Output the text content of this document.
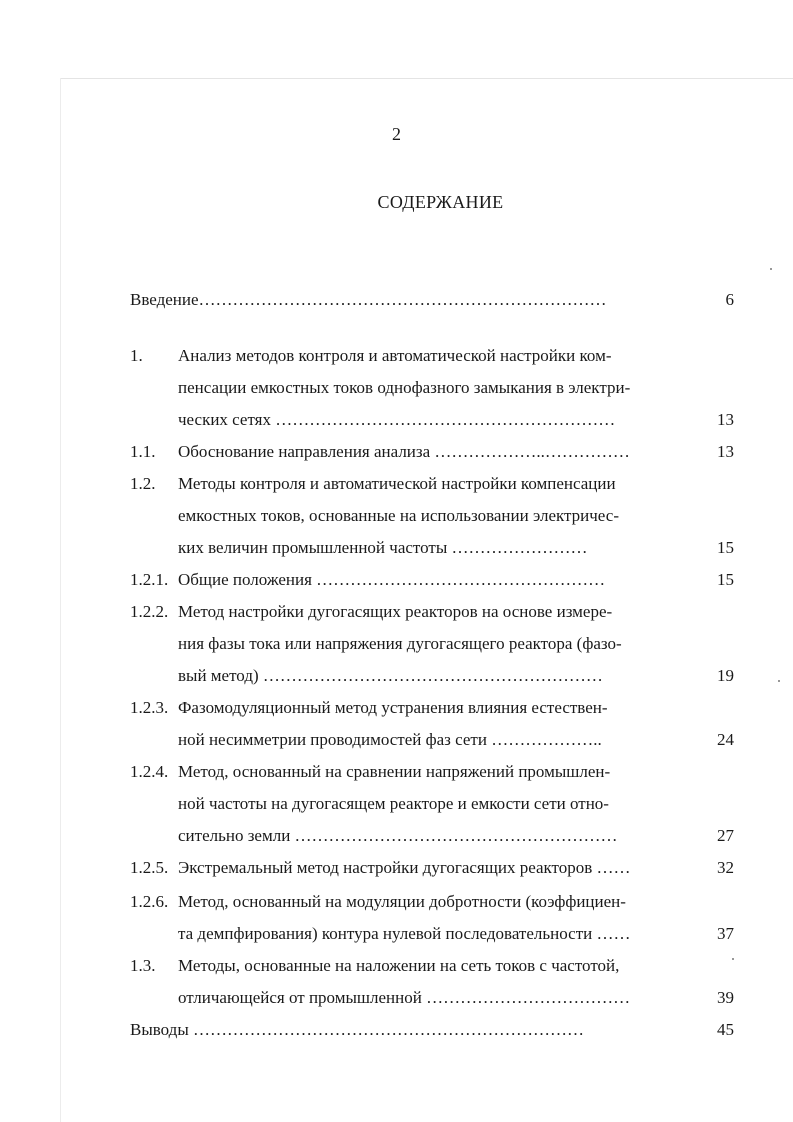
2
СОДЕРЖАНИЕ
Введение………………………………………………………………	6
1. Анализ методов контроля и автоматической настройки ком-
пенсации емкостных токов однофазного замыкания в электри-
ческих сетях ……………………………………………………	13
1.1. Обоснование направления анализа ………………..……………	13
1.2. Методы контроля и автоматической настройки компенсации
емкостных токов, основанные на использовании электричес-
ких величин промышленной частоты ……………………	15
1.2.1. Общие положения ……………………………………………	15
1.2.2. Метод настройки дугогасящих реакторов на основе измере-
ния фазы тока или напряжения дугогасящего реактора (фазо-
вый метод) ……………………………………………………	19
1.2.3. Фазомодуляционный метод устранения влияния естествен-
ной несимметрии проводимостей фаз сети ………………..	24
1.2.4. Метод, основанный на сравнении напряжений промышлен-
ной частоты на дугогасящем реакторе и емкости сети отно-
сительно земли …………………………………………………	27
1.2.5. Экстремальный метод настройки дугогасящих реакторов ……	32
1.2.6. Метод, основанный на модуляции добротности (коэффициен-
та демпфирования) контура нулевой последовательности ……	37
1.3. Методы, основанные на наложении на сеть токов с частотой,
отличающейся от промышленной ………………………………	39
Выводы ……………………………………………………………	45
